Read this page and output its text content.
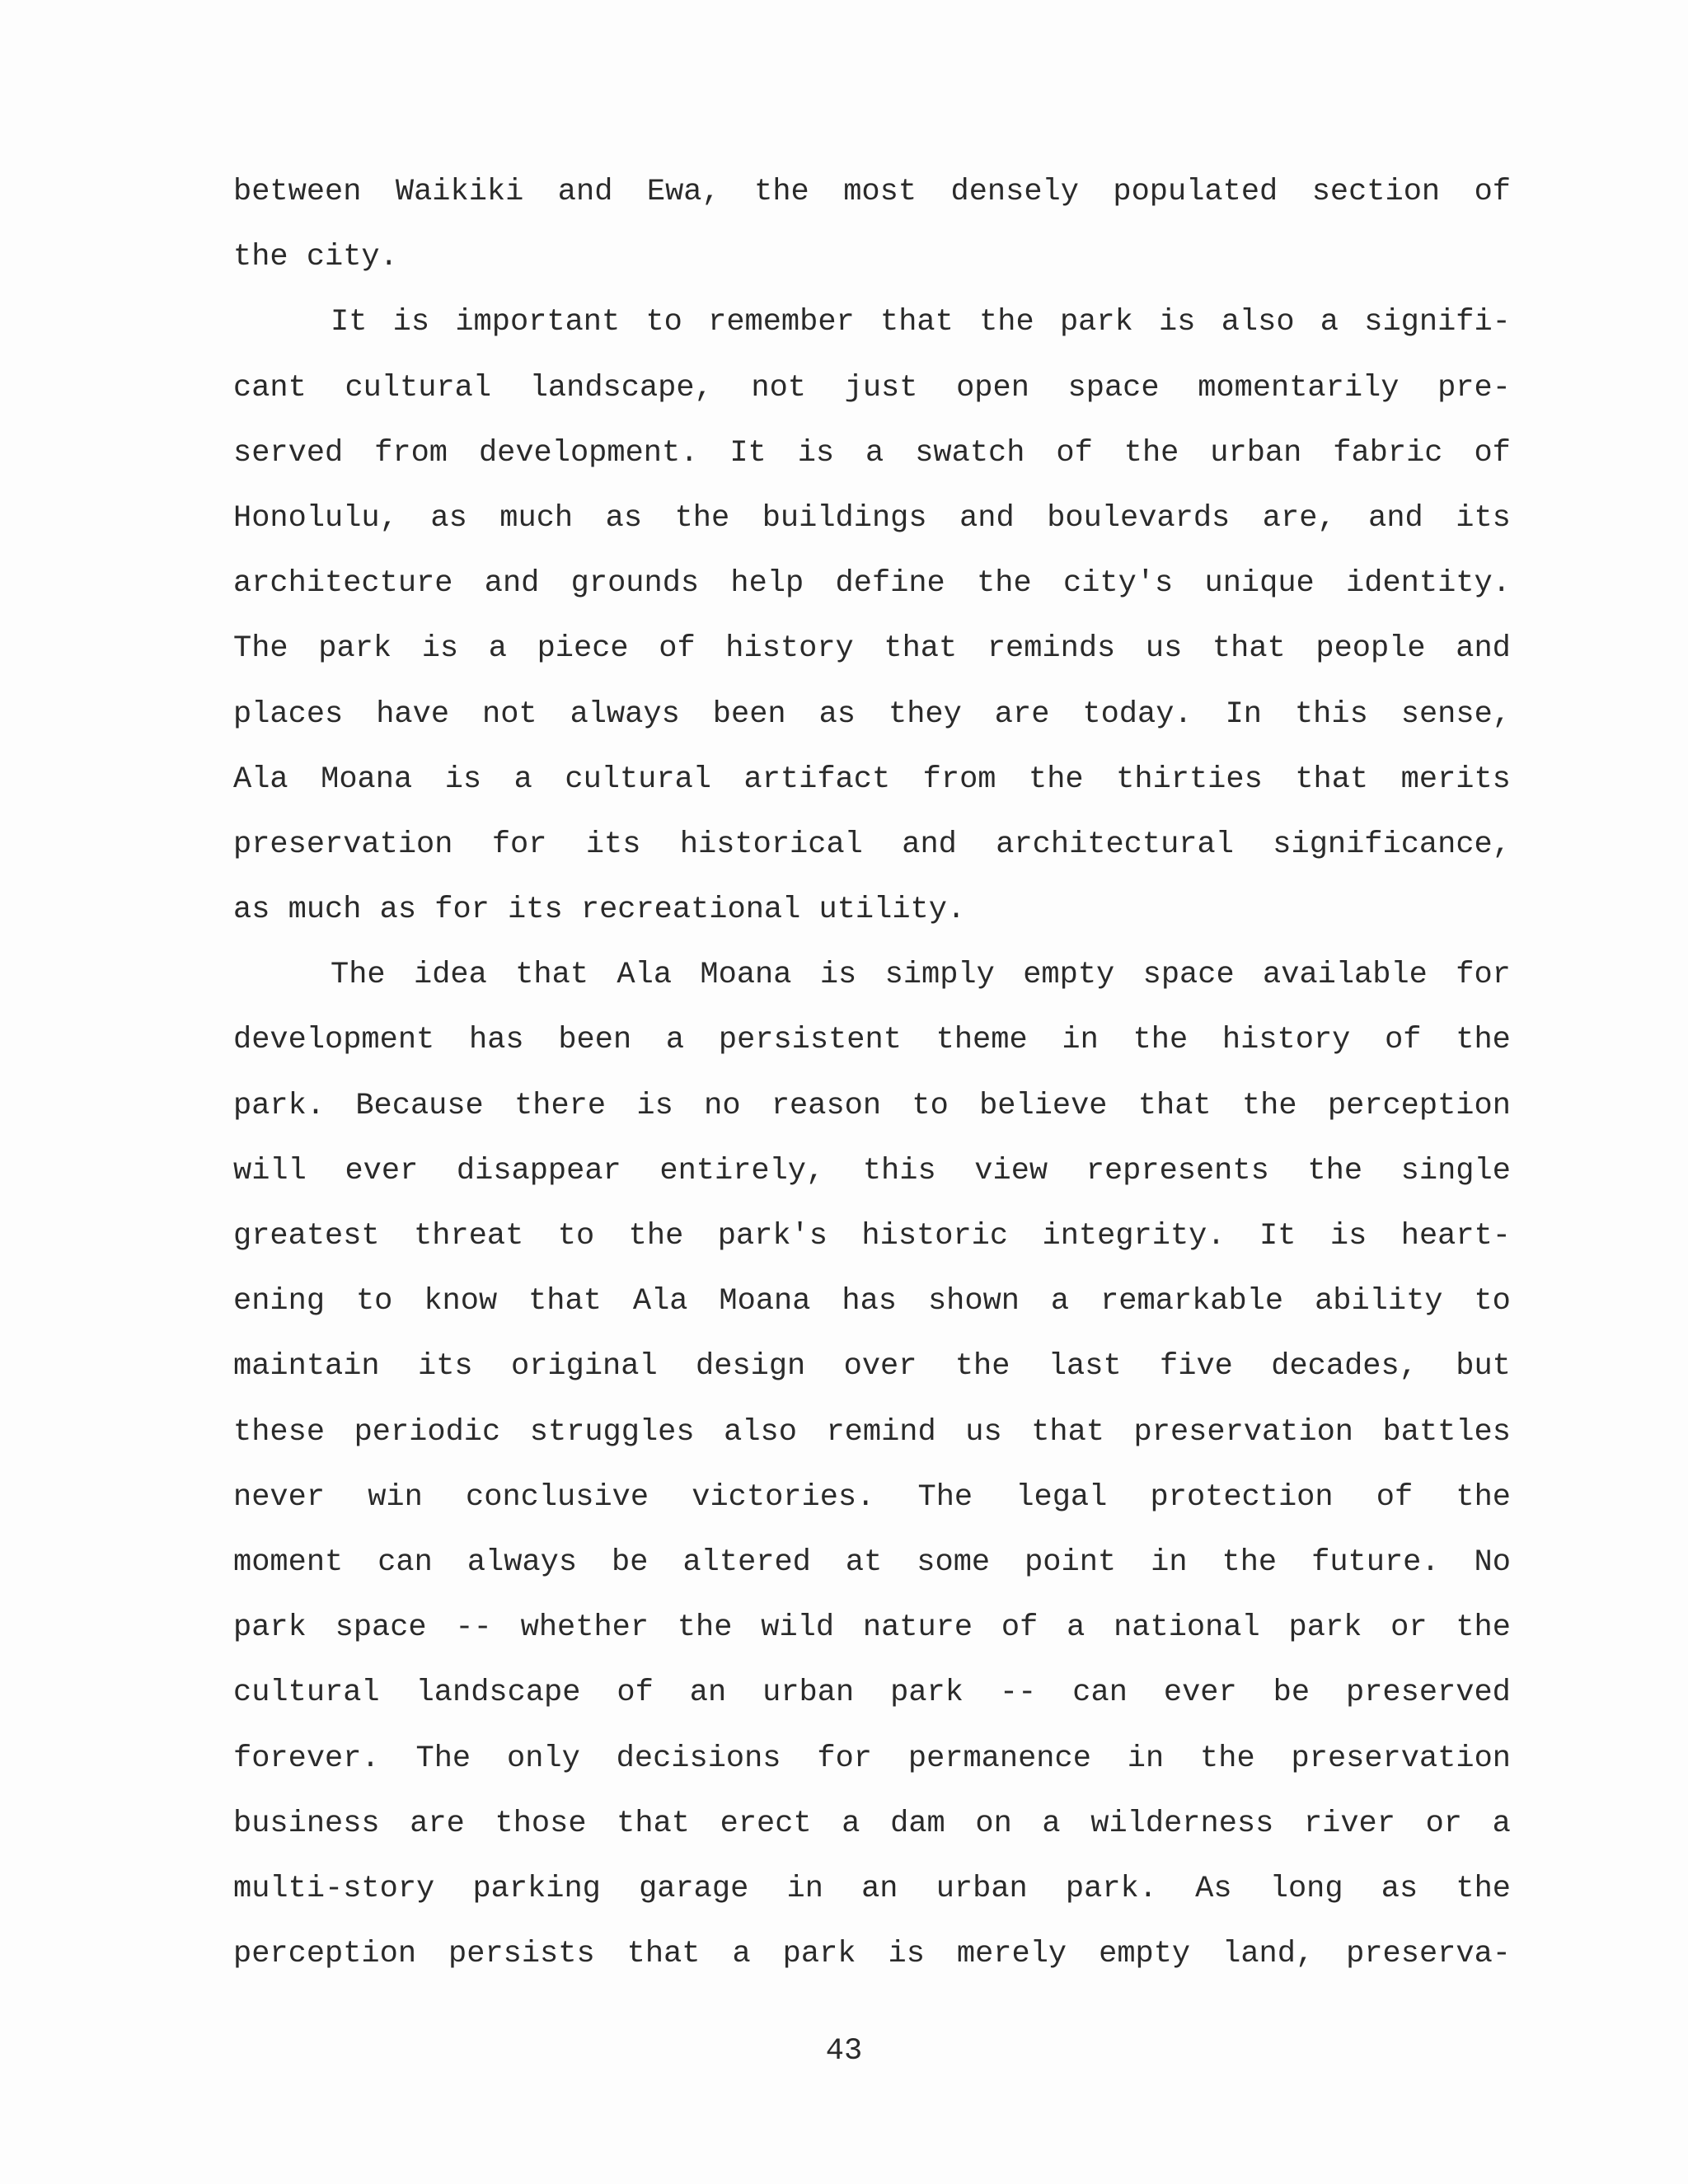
between Waikiki and Ewa, the most densely populated section of
the city.
It is important to remember that the park is also a signifi-
cant cultural landscape, not just open space momentarily pre-
served from development. It is a swatch of the urban fabric of
Honolulu, as much as the buildings and boulevards are, and its
architecture and grounds help define the city's unique identity.
The park is a piece of history that reminds us that people and
places have not always been as they are today. In this sense,
Ala Moana is a cultural artifact from the thirties that merits
preservation for its historical and architectural significance,
as much as for its recreational utility.
The idea that Ala Moana is simply empty space available for
development has been a persistent theme in the history of the
park. Because there is no reason to believe that the perception
will ever disappear entirely, this view represents the single
greatest threat to the park's historic integrity. It is heart-
ening to know that Ala Moana has shown a remarkable ability to
maintain its original design over the last five decades, but
these periodic struggles also remind us that preservation battles
never win conclusive victories. The legal protection of the
moment can always be altered at some point in the future. No
park space -- whether the wild nature of a national park or the
cultural landscape of an urban park -- can ever be preserved
forever. The only decisions for permanence in the preservation
business are those that erect a dam on a wilderness river or a
multi-story parking garage in an urban park. As long as the
perception persists that a park is merely empty land, preserva-
43
